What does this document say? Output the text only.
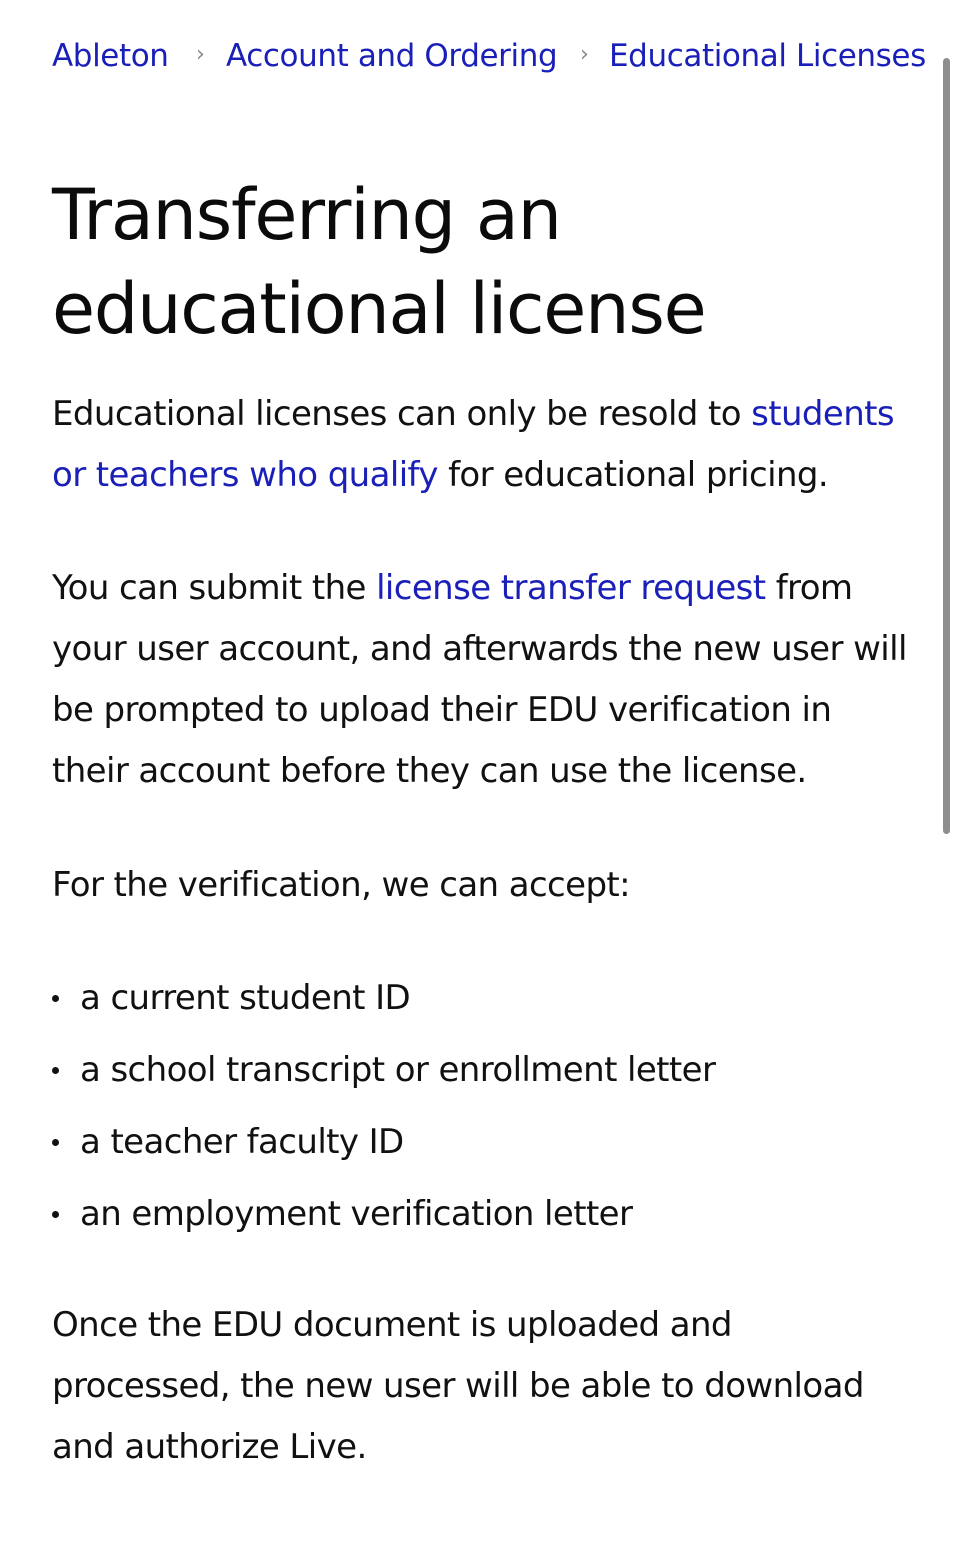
Ableton › Account and Ordering › Educational Licenses
Transferring an educational license

Educational licenses can only be resold to students or teachers who qualify for educational pricing.

You can submit the license transfer request from your user account, and afterwards the new user will be prompted to upload their EDU verification in their account before they can use the license.

For the verification, we can accept:

a current student ID
a school transcript or enrollment letter
a teacher faculty ID
an employment verification letter

Once the EDU document is uploaded and processed, the new user will be able to download and authorize Live.
